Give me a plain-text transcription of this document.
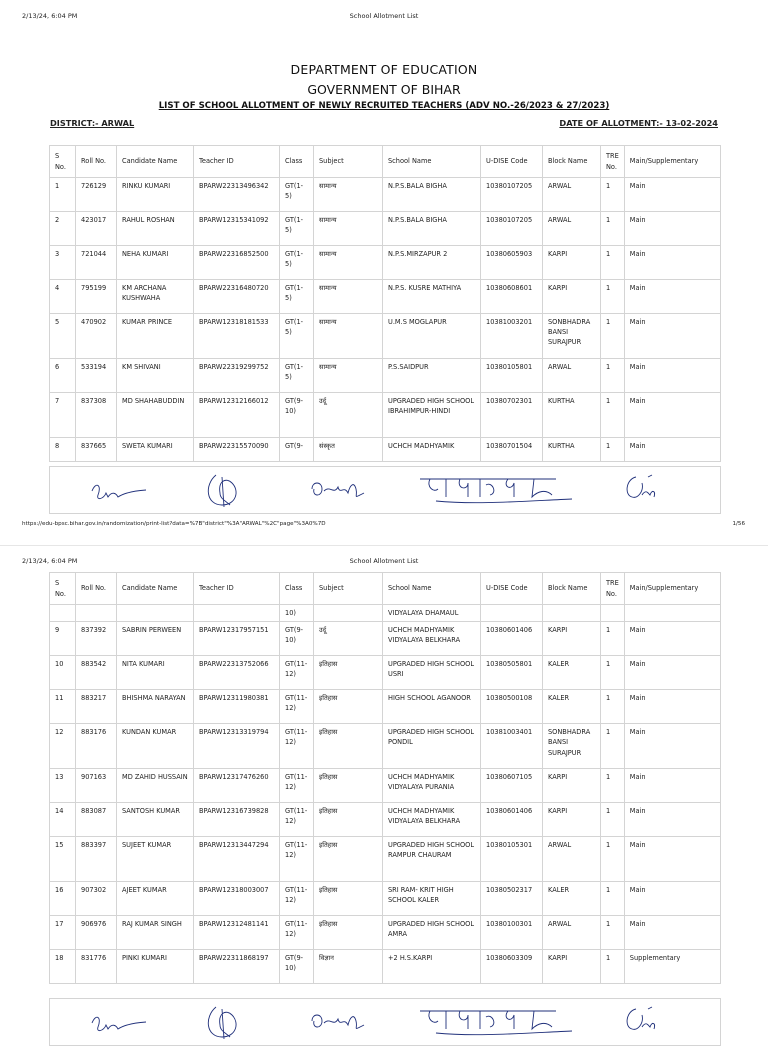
2/13/24, 6:04 PM	School Allotment List
DEPARTMENT OF EDUCATION
GOVERNMENT OF BIHAR
LIST OF SCHOOL ALLOTMENT OF NEWLY RECRUITED TEACHERS (ADV NO.-26/2023 & 27/2023)
DISTRICT:- ARWAL	DATE OF ALLOTMENT:- 13-02-2024
S No.	Roll No.	Candidate Name	Teacher ID	Class	Subject	School Name	U-DISE Code	Block Name	TRE No.	Main/Supplementary
1	726129	RINKU KUMARI	BPARW22313496342	GT(1-5)	सामान्य	N.P.S.BALA BIGHA	10380107205	ARWAL	1	Main
2	423017	RAHUL ROSHAN	BPARW12315341092	GT(1-5)	सामान्य	N.P.S.BALA BIGHA	10380107205	ARWAL	1	Main
3	721044	NEHA KUMARI	BPARW22316852500	GT(1-5)	सामान्य	N.P.S.MIRZAPUR 2	10380605903	KARPI	1	Main
4	795199	KM ARCHANA KUSHWAHA	BPARW22316480720	GT(1-5)	सामान्य	N.P.S. KUSRE MATHIYA	10380608601	KARPI	1	Main
5	470902	KUMAR PRINCE	BPARW12318181533	GT(1-5)	सामान्य	U.M.S MOGLAPUR	10381003201	SONBHADRA BANSI SURAJPUR	1	Main
6	533194	KM SHIVANI	BPARW22319299752	GT(1-5)	सामान्य	P.S.SAIDPUR	10380105801	ARWAL	1	Main
7	837308	MD SHAHABUDDIN	BPARW12312166012	GT(9-10)	उर्दू	UPGRADED HIGH SCHOOL IBRAHIMPUR-HINDI	10380702301	KURTHA	1	Main
8	837665	SWETA KUMARI	BPARW22315570090	GT(9-	संस्कृत	UCHCH MADHYAMIK	10380701504	KURTHA	1	Main
https://edu-bpsc.bihar.gov.in/randomization/print-list?data=%7B"district"%3A"ARWAL"%2C"page"%3A0%7D	1/56
2/13/24, 6:04 PM	School Allotment List
S No.	Roll No.	Candidate Name	Teacher ID	Class	Subject	School Name	U-DISE Code	Block Name	TRE No.	Main/Supplementary
				10)		VIDYALAYA DHAMAUL				
9	837392	SABRIN PERWEEN	BPARW12317957151	GT(9-10)	उर्दू	UCHCH MADHYAMIK VIDYALAYA BELKHARA	10380601406	KARPI	1	Main
10	883542	NITA KUMARI	BPARW22313752066	GT(11-12)	इतिहास	UPGRADED HIGH SCHOOL USRI	10380505801	KALER	1	Main
11	883217	BHISHMA NARAYAN	BPARW12311980381	GT(11-12)	इतिहास	HIGH SCHOOL AGANOOR	10380500108	KALER	1	Main
12	883176	KUNDAN KUMAR	BPARW12313319794	GT(11-12)	इतिहास	UPGRADED HIGH SCHOOL PONDIL	10381003401	SONBHADRA BANSI SURAJPUR	1	Main
13	907163	MD ZAHID HUSSAIN	BPARW12317476260	GT(11-12)	इतिहास	UCHCH MADHYAMIK VIDYALAYA PURANIA	10380607105	KARPI	1	Main
14	883087	SANTOSH KUMAR	BPARW12316739828	GT(11-12)	इतिहास	UCHCH MADHYAMIK VIDYALAYA BELKHARA	10380601406	KARPI	1	Main
15	883397	SUJEET KUMAR	BPARW12313447294	GT(11-12)	इतिहास	UPGRADED HIGH SCHOOL RAMPUR CHAURAM	10380105301	ARWAL	1	Main
16	907302	AJEET KUMAR	BPARW12318003007	GT(11-12)	इतिहास	SRI RAM- KRIT HIGH SCHOOL KALER	10380502317	KALER	1	Main
17	906976	RAJ KUMAR SINGH	BPARW12312481141	GT(11-12)	इतिहास	UPGRADED HIGH SCHOOL AMRA	10380100301	ARWAL	1	Main
18	831776	PINKI KUMARI	BPARW22311868197	GT(9-10)	विज्ञान	+2 H.S.KARPI	10380603309	KARPI	1	Supplementary
